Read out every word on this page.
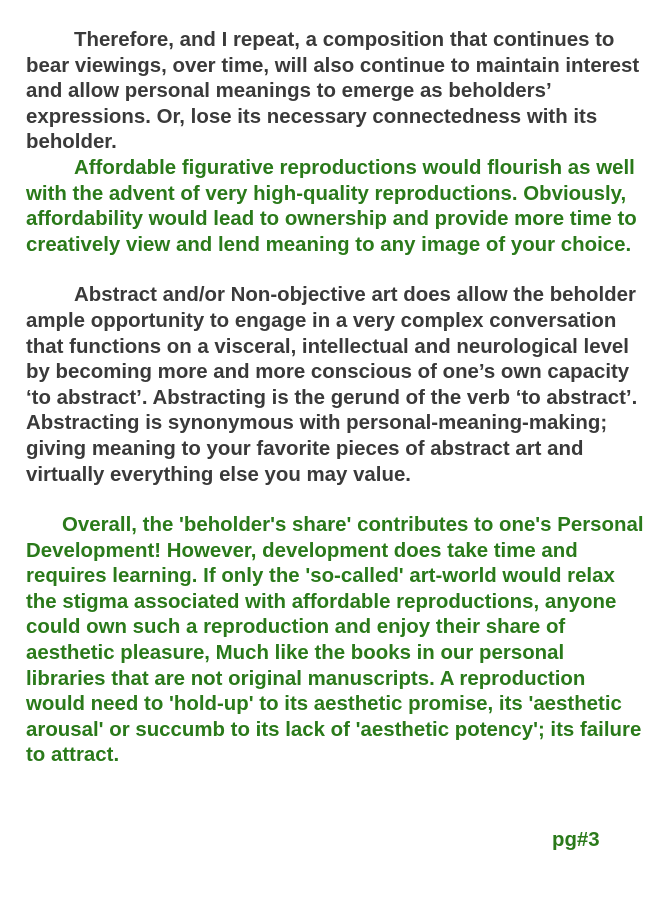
Therefore, and I repeat, a composition that continues to bear viewings, over time, will also continue to maintain interest and allow personal meanings to emerge as beholders’ expressions. Or, lose its necessary connectedness with its beholder.

Affordable figurative reproductions would flourish as well with the advent of very high-quality reproductions. Obviously, affordability would lead to ownership and provide more time to creatively view and lend meaning to any image of your choice.

Abstract and/or Non-objective art does allow the beholder ample opportunity to engage in a very complex conversation that functions on a visceral, intellectual and neurological level by becoming more and more conscious of one’s own capacity ‘to abstract’. Abstracting is the gerund of the verb ‘to abstract’. Abstracting is synonymous with personal-meaning-making; giving meaning to your favorite pieces of abstract art and virtually everything else you may value.

Overall, the 'beholder's share' contributes to one's Personal Development! However, development does take time and requires learning. If only the 'so-called' art-world would relax the stigma associated with affordable reproductions, anyone could own such a reproduction and enjoy their share of aesthetic pleasure, Much like the books in our personal libraries that are not original manuscripts. A reproduction would need to 'hold-up' to its aesthetic promise, its 'aesthetic arousal' or succumb to its lack of 'aesthetic potency'; its failure to attract.

pg#3
